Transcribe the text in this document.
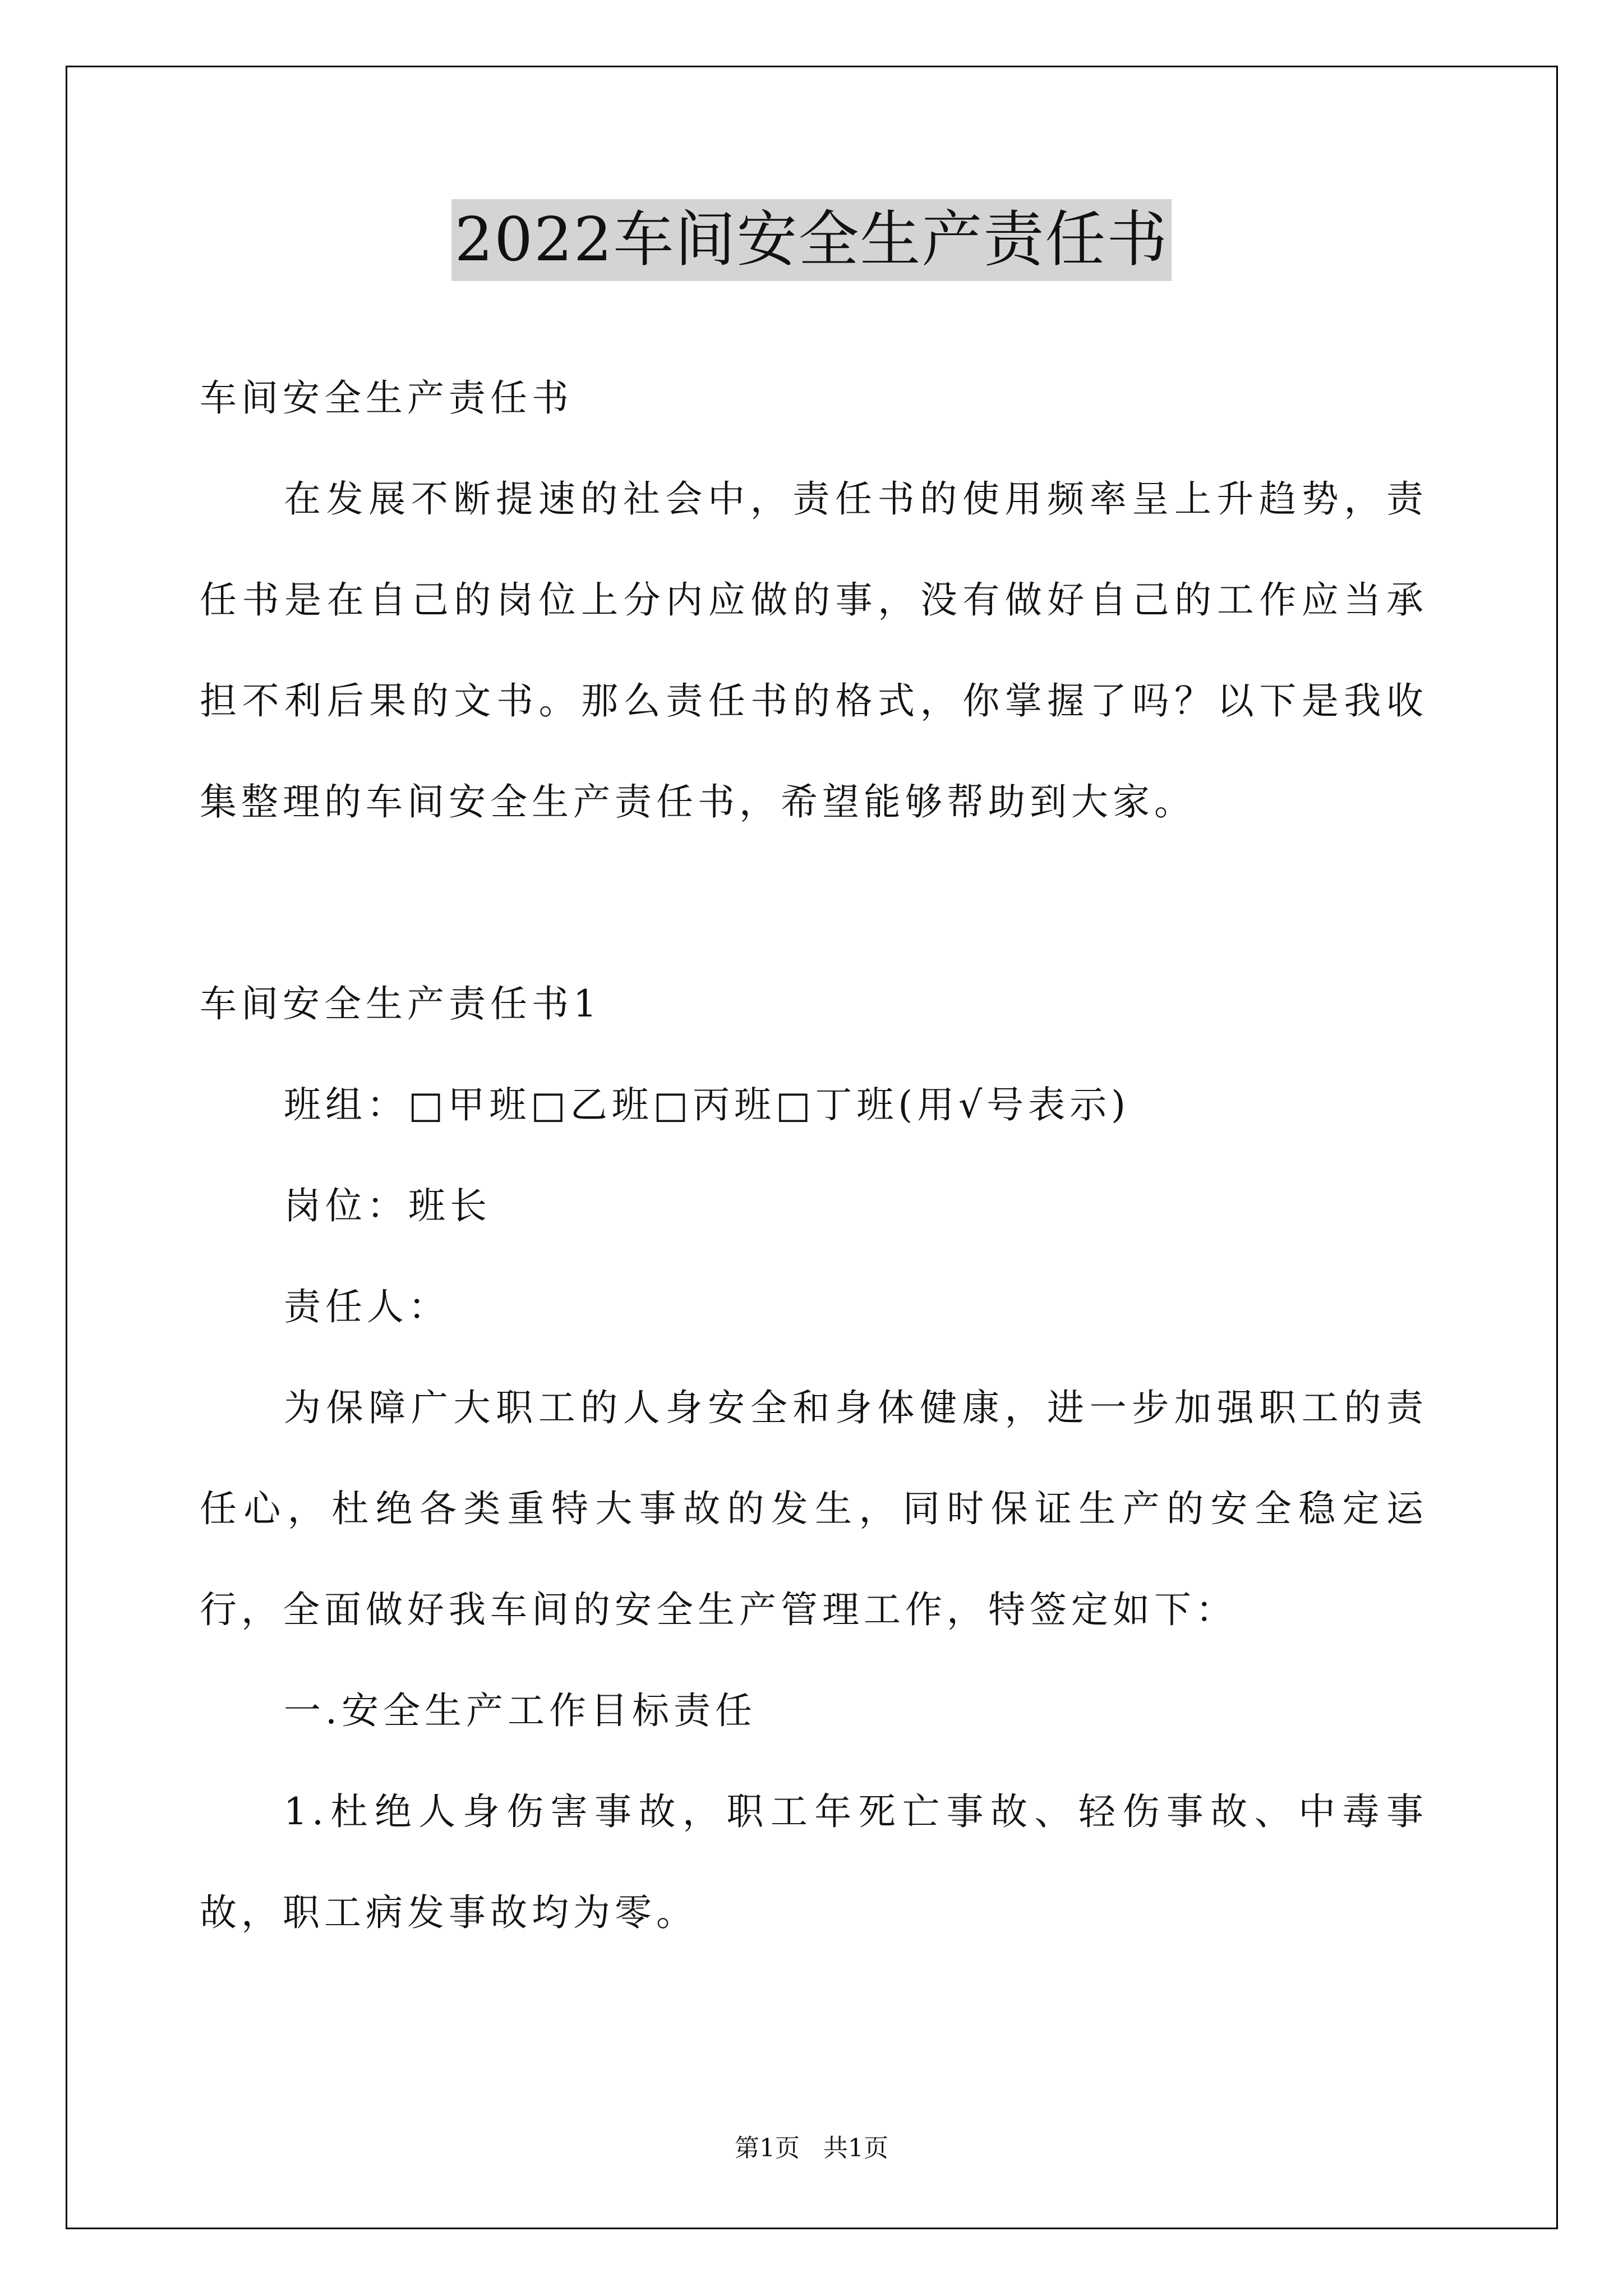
2022车间安全生产责任书

车间安全生产责任书

在发展不断提速的社会中，责任书的使用频率呈上升趋势，责任书是在自己的岗位上分内应做的事，没有做好自己的工作应当承担不利后果的文书。那么责任书的格式，你掌握了吗？以下是我收集整理的车间安全生产责任书，希望能够帮助到大家。

车间安全生产责任书1

班组：□甲班□乙班□丙班□丁班(用√号表示)

岗位：班长

责任人：

为保障广大职工的人身安全和身体健康，进一步加强职工的责任心，杜绝各类重特大事故的发生，同时保证生产的安全稳定运行，全面做好我车间的安全生产管理工作，特签定如下：

一.安全生产工作目标责任

1.杜绝人身伤害事故，职工年死亡事故、轻伤事故、中毒事故，职工病发事故均为零。

第1页   共1页
